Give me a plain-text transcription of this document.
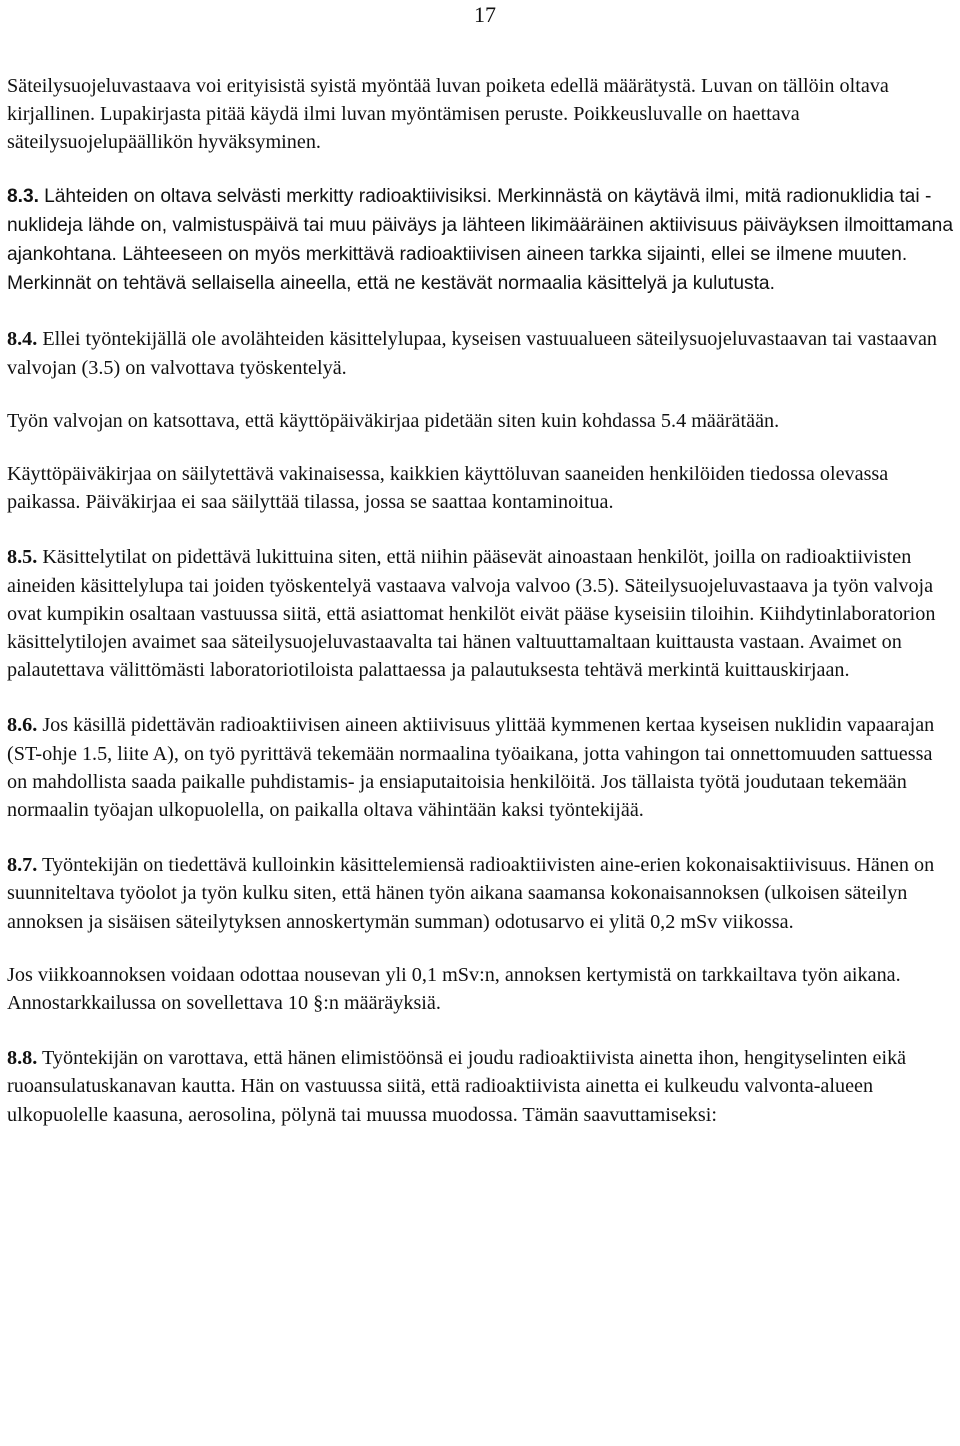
17

Säteilysuojeluvastaava voi erityisistä syistä myöntää luvan poiketa edellä määrätystä. Luvan on tällöin oltava kirjallinen. Lupakirjasta pitää käydä ilmi luvan myöntämisen peruste. Poikkeusluvalle on haettava säteilysuojelupäällikön hyväksyminen.

8.3. Lähteiden on oltava selvästi merkitty radioaktiivisiksi. Merkinnästä on käytävä ilmi, mitä radionuklidia tai -nuklideja lähde on, valmistuspäivä tai muu päiväys ja lähteen likimääräinen aktiivisuus päiväyksen ilmoittamana ajankohtana. Lähteeseen on myös merkittävä radioaktiivisen aineen tarkka sijainti, ellei se ilmene muuten. Merkinnät on tehtävä sellaisella aineella, että ne kestävät normaalia käsittelyä ja kulutusta.

8.4. Ellei työntekijällä ole avolähteiden käsittelylupaa, kyseisen vastuualueen säteilysuojeluvastaavan tai vastaavan valvojan (3.5) on valvottava työskentelyä.

Työn valvojan on katsottava, että käyttöpäiväkirjaa pidetään siten kuin kohdassa 5.4 määrätään.

Käyttöpäiväkirjaa on säilytettävä vakinaisessa, kaikkien käyttöluvan saaneiden henkilöiden tiedossa olevassa paikassa. Päiväkirjaa ei saa säilyttää tilassa, jossa se saattaa kontaminoitua.

8.5. Käsittelytilat on pidettävä lukittuina siten, että niihin pääsevät ainoastaan henkilöt, joilla on radioaktiivisten aineiden käsittelylupa tai joiden työskentelyä vastaava valvoja valvoo (3.5). Säteilysuojeluvastaava ja työn valvoja ovat kumpikin osaltaan vastuussa siitä, että asiattomat henkilöt eivät pääse kyseisiin tiloihin. Kiihdytinlaboratorion käsittelytilojen avaimet saa säteilysuojeluvastaavalta tai hänen valtuuttamaltaan kuittausta vastaan. Avaimet on palautettava välittömästi laboratoriotiloista palattaessa ja palautuksesta tehtävä merkintä kuittauskirjaan.

8.6. Jos käsillä pidettävän radioaktiivisen aineen aktiivisuus ylittää kymmenen kertaa kyseisen nuklidin vapaarajan (ST-ohje 1.5, liite A), on työ pyrittävä tekemään normaalina työaikana, jotta vahingon tai onnettomuuden sattuessa on mahdollista saada paikalle puhdistamis- ja ensiaputaitoisia henkilöitä. Jos tällaista työtä joudutaan tekemään normaalin työajan ulkopuolella, on paikalla oltava vähintään kaksi työntekijää.

8.7. Työntekijän on tiedettävä kulloinkin käsittelemiensä radioaktiivisten aine-erien kokonaisaktiivisuus. Hänen on suunniteltava työolot ja työn kulku siten, että hänen työn aikana saamansa kokonaisannoksen (ulkoisen säteilyn annoksen ja sisäisen säteilytyksen annoskertymän summan) odotusarvo ei ylitä 0,2 mSv viikossa.

Jos viikkoannoksen voidaan odottaa nousevan yli 0,1 mSv:n, annoksen kertymistä on tarkkailtava työn aikana. Annostarkkailussa on sovellettava 10 §:n määräyksiä.

8.8. Työntekijän on varottava, että hänen elimistöönsä ei joudu radioaktiivista ainetta ihon, hengityselinten eikä ruoansulatuskanavan kautta. Hän on vastuussa siitä, että radioaktiivista ainetta ei kulkeudu valvonta-alueen ulkopuolelle kaasuna, aerosolina, pölynä tai muussa muodossa. Tämän saavuttamiseksi:
